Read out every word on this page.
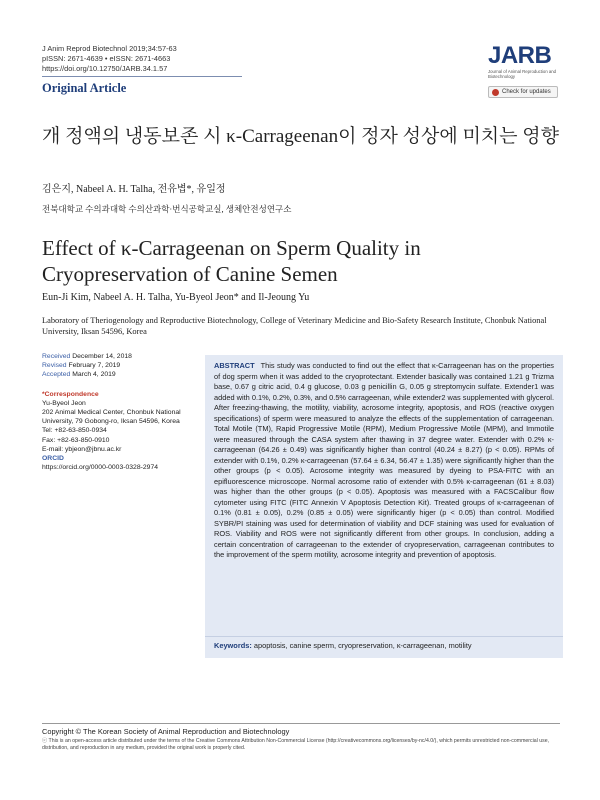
J Anim Reprod Biotechnol 2019;34:57-63
pISSN: 2671-4639 • eISSN: 2671-4663
https://doi.org/10.12750/JARB.34.1.57
Original Article
JARB
Journal of Animal Reproduction and Biotechnology
Check for updates
개 정액의 냉동보존 시 κ-Carrageenan이 정자 성상에 미치는 영향
김은지, Nabeel A. H. Talha, 전유볍*, 유일정
전북대학교 수의과대학 수의산과학·번식공학교실, 생체안전성연구소
Effect of κ-Carrageenan on Sperm Quality in Cryopreservation of Canine Semen
Eun-Ji Kim, Nabeel A. H. Talha, Yu-Byeol Jeon* and Il-Jeoung Yu
Laboratory of Theriogenology and Reproductive Biotechnology, College of Veterinary Medicine and Bio-Safety Research Institute, Chonbuk National University, Iksan 54596, Korea
Received December 14, 2018
Revised February 7, 2019
Accepted March 4, 2019
*Correspondence
Yu-Byeol Jeon
202 Animal Medical Center, Chonbuk National University, 79 Gobong-ro, Iksan 54596, Korea
Tel: +82-63-850-0934
Fax: +82-63-850-0910
E-mail: ybjeon@jbnu.ac.kr
ORCID
https://orcid.org/0000-0003-0328-2974

ABSTRACT This study was conducted to find out the effect that κ-Carrageenan has on the properties of dog sperm when it was added to the cryoprotectant. Extender basically was contained 1.21 g Trizma base, 0.67 g citric acid, 0.4 g glucose, 0.03 g penicillin G, 0.05 g streptomycin sulfate. Extender1 was added with 0.1%, 0.2%, 0.3%, and 0.5% carrageenan, while extender2 was supplemented with glycerol. After freezing-thawing, the motility, viability, acrosome integrity, apoptosis, and ROS (reactive oxygen specifications) of sperm were measured to analyze the effects of the supplementation of carrageenan. Total Motile (TM), Rapid Progressive Motile (RPM), Medium Progressive Motile (MPM), and Immotile were measured through the CASA system after thawing in 37 degree water. Extender with 0.2% κ-carrageenan (64.26 ± 0.49) was significantly higher than control (40.24 ± 8.27) (p < 0.05). RPMs of extender with 0.1%, 0.2% κ-carrageenan (57.64 ± 6.34, 56.47 ± 1.35) were significantly higher than the other groups (p < 0.05). Acrosome integrity was measured by dyeing to PSA-FITC with an epifluorescence microscope. Normal acrosome ratio of extender with 0.5% κ-carrageenan (61 ± 8.03) was higher than the other groups (p < 0.05). Apoptosis was measured with a FACSCalibur flow cytometer using FITC (FITC Annexin V Apoptosis Detection Kit). Treated groups of κ-carrageenan of 0.1% (0.81 ± 0.05), 0.2% (0.85 ± 0.05) were significantly higer (p < 0.05) than control. Modified SYBR/PI staining was used for determination of viability and DCF staining was used for evaluation of ROS. Viability and ROS were not significantly different from other groups. In conclusion, adding a certain concentration of carrageenan to the extender of cryopreservation, carrageenan contributes to the improvement of the sperm motility, acrosome integrity and prevention of apoptosis.

Keywords: apoptosis, canine sperm, cryopreservation, κ-carrageenan, motility
Copyright © The Korean Society of Animal Reproduction and Biotechnology
ⓒ This is an open-access article distributed under the terms of the Creative Commons Attribution Non-Commercial License (http://creativecommons.org/licenses/by-nc/4.0/), which permits unrestricted non-commercial use, distribution, and reproduction in any medium, provided the original work is properly cited.
